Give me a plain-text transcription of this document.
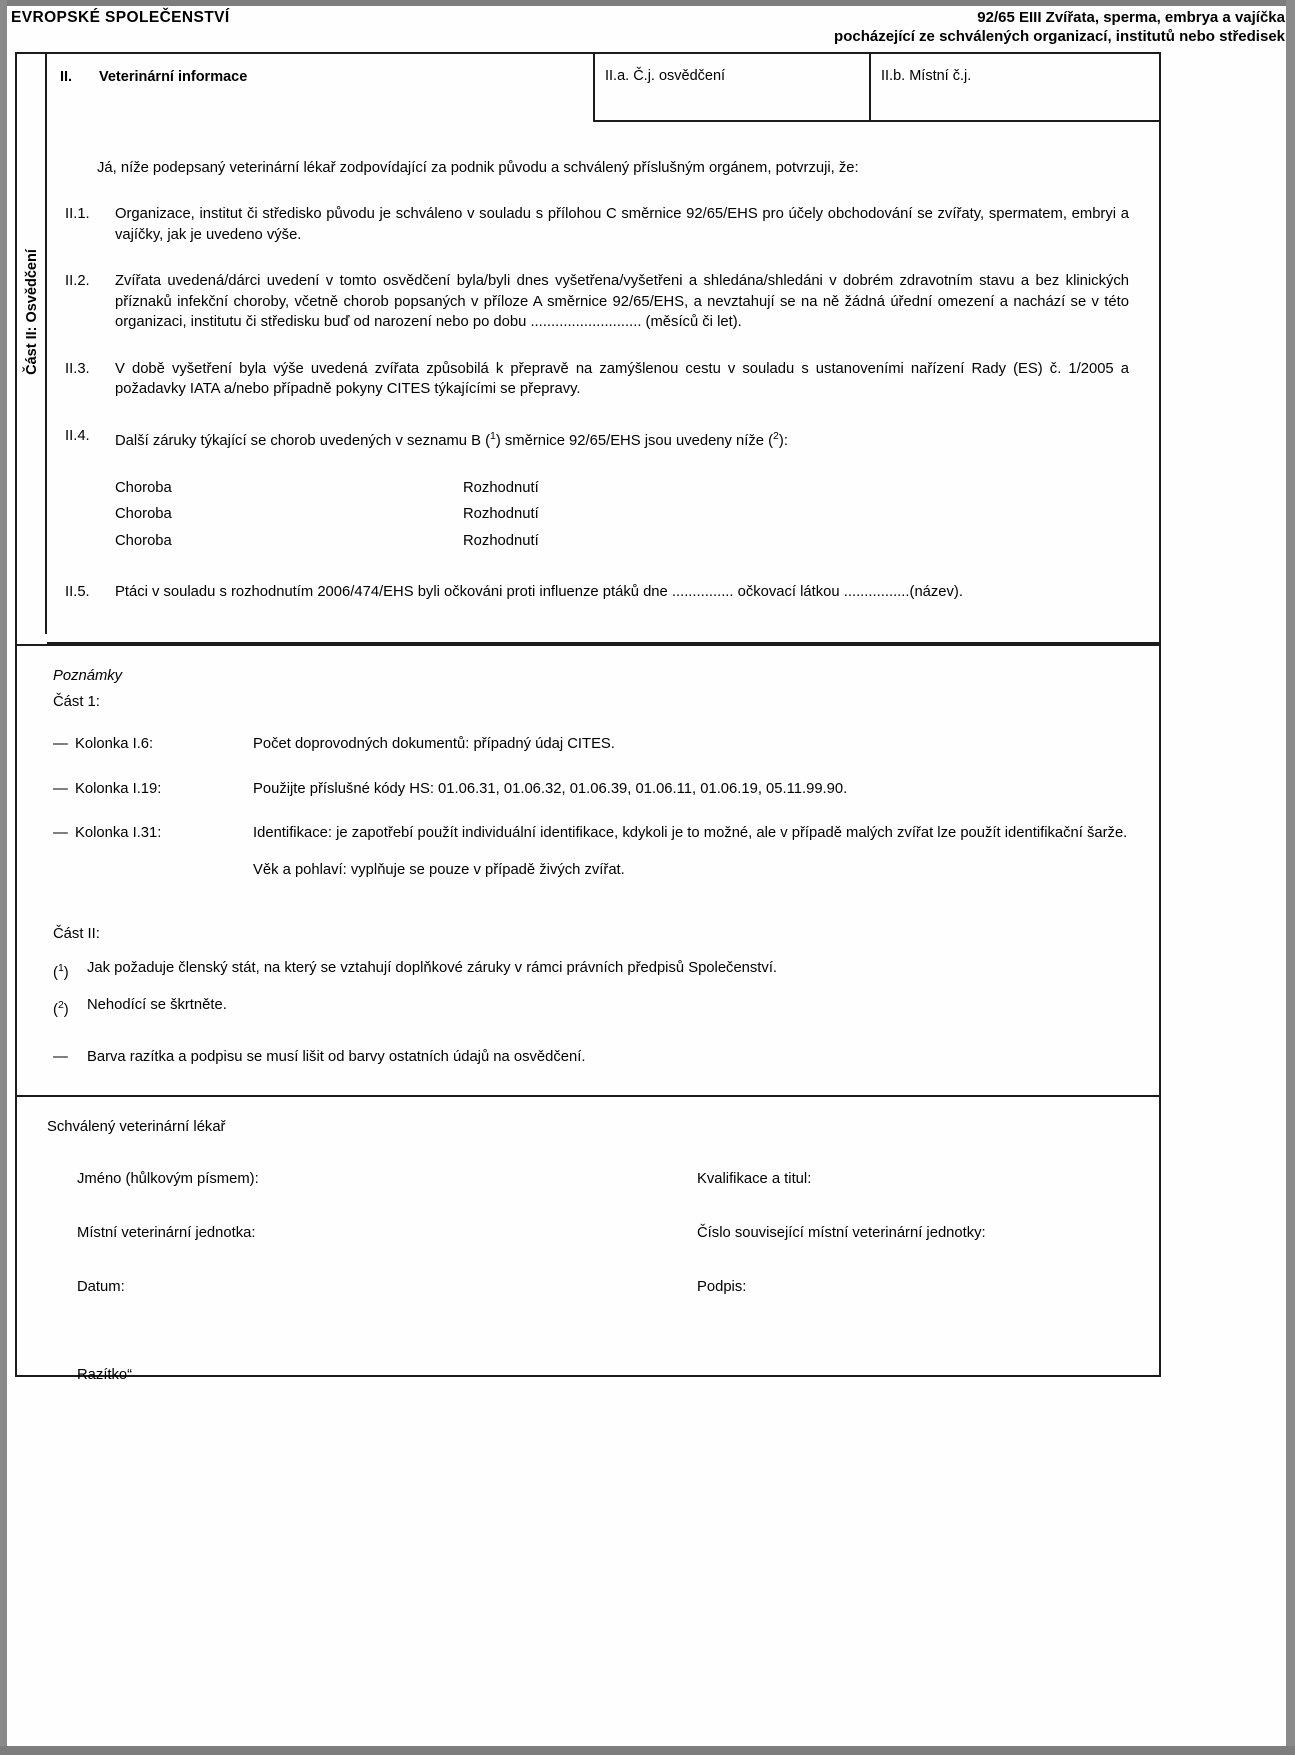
EVROPSKÉ SPOLEČENSTVÍ	92/65 EIII Zvířata, sperma, embrya a vajíčka
pocházející ze schválených organizací, institutů nebo středisek
Část II: Osvědčení
II. Veterinární informace	II.a. Č.j. osvědčení	II.b. Místní č.j.
Já, níže podepsaný veterinární lékař zodpovídající za podnik původu a schválený příslušným orgánem, potvrzuji, že:
II.1.	Organizace, institut či středisko původu je schváleno v souladu s přílohou C směrnice 92/65/EHS pro účely obchodování se zvířaty, spermatem, embryi a vajíčky, jak je uvedeno výše.
II.2.	Zvířata uvedená/dárci uvedení v tomto osvědčení byla/byli dnes vyšetřena/vyšetřeni a shledána/shledáni v dobrém zdravotním stavu a bez klinických příznaků infekční choroby, včetně chorob popsaných v příloze A směrnice 92/65/EHS, a nevztahují se na ně žádná úřední omezení a nachází se v této organizaci, institutu či středisku buď od narození nebo po dobu ........................... (měsíců či let).
II.3.	V době vyšetření byla výše uvedená zvířata způsobilá k přepravě na zamýšlenou cestu v souladu s ustanoveními nařízení Rady (ES) č. 1/2005 a požadavky IATA a/nebo případně pokyny CITES týkajícími se přepravy.
II.4.	Další záruky týkající se chorob uvedených v seznamu B ($^1$) směrnice 92/65/EHS jsou uvedeny níže ($^2$):
Choroba	Rozhodnutí
Choroba	Rozhodnutí
Choroba	Rozhodnutí
II.5.	Ptáci v souladu s rozhodnutím 2006/474/EHS byli očkováni proti influenze ptáků dne ............... očkovací látkou ................(název).
Poznámky
Část 1:
— Kolonka I.6:	Počet doprovodných dokumentů: případný údaj CITES.
— Kolonka I.19:	Použijte příslušné kódy HS: 01.06.31, 01.06.32, 01.06.39, 01.06.11, 01.06.19, 05.11.99.90.
— Kolonka I.31:	Identifikace: je zapotřebí použít individuální identifikace, kdykoli je to možné, ale v případě malých zvířat lze použít identifikační šarže.
Věk a pohlaví: vyplňuje se pouze v případě živých zvířat.
Část II:
($^1$) Jak požaduje členský stát, na který se vztahují doplňkové záruky v rámci právních předpisů Společenství.
($^2$) Nehodící se škrtněte.
— Barva razítka a podpisu se musí lišit od barvy ostatních údajů na osvědčení.
Schválený veterinární lékař
Jméno (hůlkovým písmem):	Kvalifikace a titul:
Místní veterinární jednotka:	Číslo související místní veterinární jednotky:
Datum:	Podpis:
Razítko“
